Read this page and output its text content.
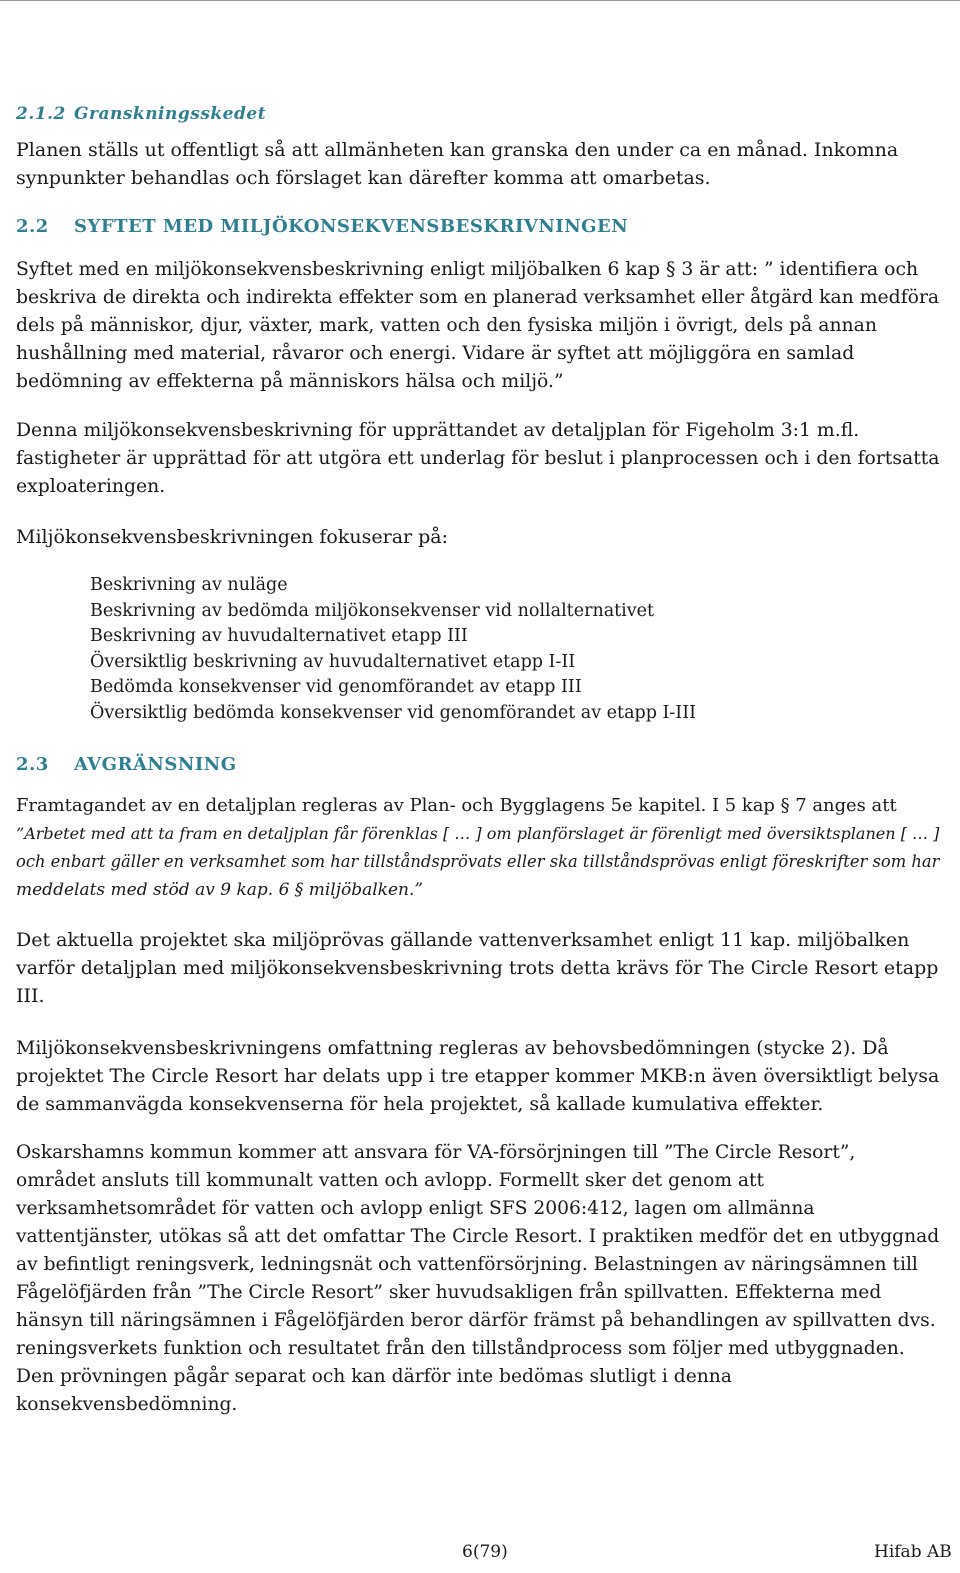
2.1.2 Granskningsskedet

Planen ställs ut offentligt så att allmänheten kan granska den under ca en månad. Inkomna
synpunkter behandlas och förslaget kan därefter komma att omarbetas.

2.2 SYFTET MED MILJÖKONSEKVENSBESKRIVNINGEN

Syftet med en miljökonsekvensbeskrivning enligt miljöbalken 6 kap § 3 är att: ” identifiera och
beskriva de direkta och indirekta effekter som en planerad verksamhet eller åtgärd kan medföra
dels på människor, djur, växter, mark, vatten och den fysiska miljön i övrigt, dels på annan
hushållning med material, råvaror och energi. Vidare är syftet att möjliggöra en samlad
bedömning av effekterna på människors hälsa och miljö.”

Denna miljökonsekvensbeskrivning för upprättandet av detaljplan för Figeholm 3:1 m.fl.
fastigheter är upprättad för att utgöra ett underlag för beslut i planprocessen och i den fortsatta
exploateringen.

Miljökonsekvensbeskrivningen fokuserar på:

Beskrivning av nuläge
Beskrivning av bedömda miljökonsekvenser vid nollalternativet
Beskrivning av huvudalternativet etapp III
Översiktlig beskrivning av huvudalternativet etapp I-II
Bedömda konsekvenser vid genomförandet av etapp III
Översiktlig bedömda konsekvenser vid genomförandet av etapp I-III
2.3 AVGRÄNSNING

Framtagandet av en detaljplan regleras av Plan- och Bygglagens 5e kapitel. I 5 kap § 7 anges att
”Arbetet med att ta fram en detaljplan får förenklas [ … ] om planförslaget är förenligt med översiktsplanen [ … ]
och enbart gäller en verksamhet som har tillståndsprövats eller ska tillståndsprövas enligt föreskrifter som har
meddelats med stöd av 9 kap. 6 § miljöbalken.”

Det aktuella projektet ska miljöprövas gällande vattenverksamhet enligt 11 kap. miljöbalken
varför detaljplan med miljökonsekvensbeskrivning trots detta krävs för The Circle Resort etapp
III.

Miljökonsekvensbeskrivningens omfattning regleras av behovsbedömningen (stycke 2). Då
projektet The Circle Resort har delats upp i tre etapper kommer MKB:n även översiktligt belysa
de sammanvägda konsekvenserna för hela projektet, så kallade kumulativa effekter.

Oskarshamns kommun kommer att ansvara för VA-försörjningen till ”The Circle Resort”,
området ansluts till kommunalt vatten och avlopp. Formellt sker det genom att
verksamhetsområdet för vatten och avlopp enligt SFS 2006:412, lagen om allmänna
vattentjänster, utökas så att det omfattar The Circle Resort. I praktiken medför det en utbyggnad
av befintligt reningsverk, ledningsnät och vattenförsörjning. Belastningen av näringsämnen till
Fågelöfjärden från ”The Circle Resort” sker huvudsakligen från spillvatten. Effekterna med
hänsyn till näringsämnen i Fågelöfjärden beror därför främst på behandlingen av spillvatten dvs.
reningsverkets funktion och resultatet från den tillståndprocess som följer med utbyggnaden.
Den prövningen pågår separat och kan därför inte bedömas slutligt i denna
konsekvensbedömning.

6(79)	Hifab AB
